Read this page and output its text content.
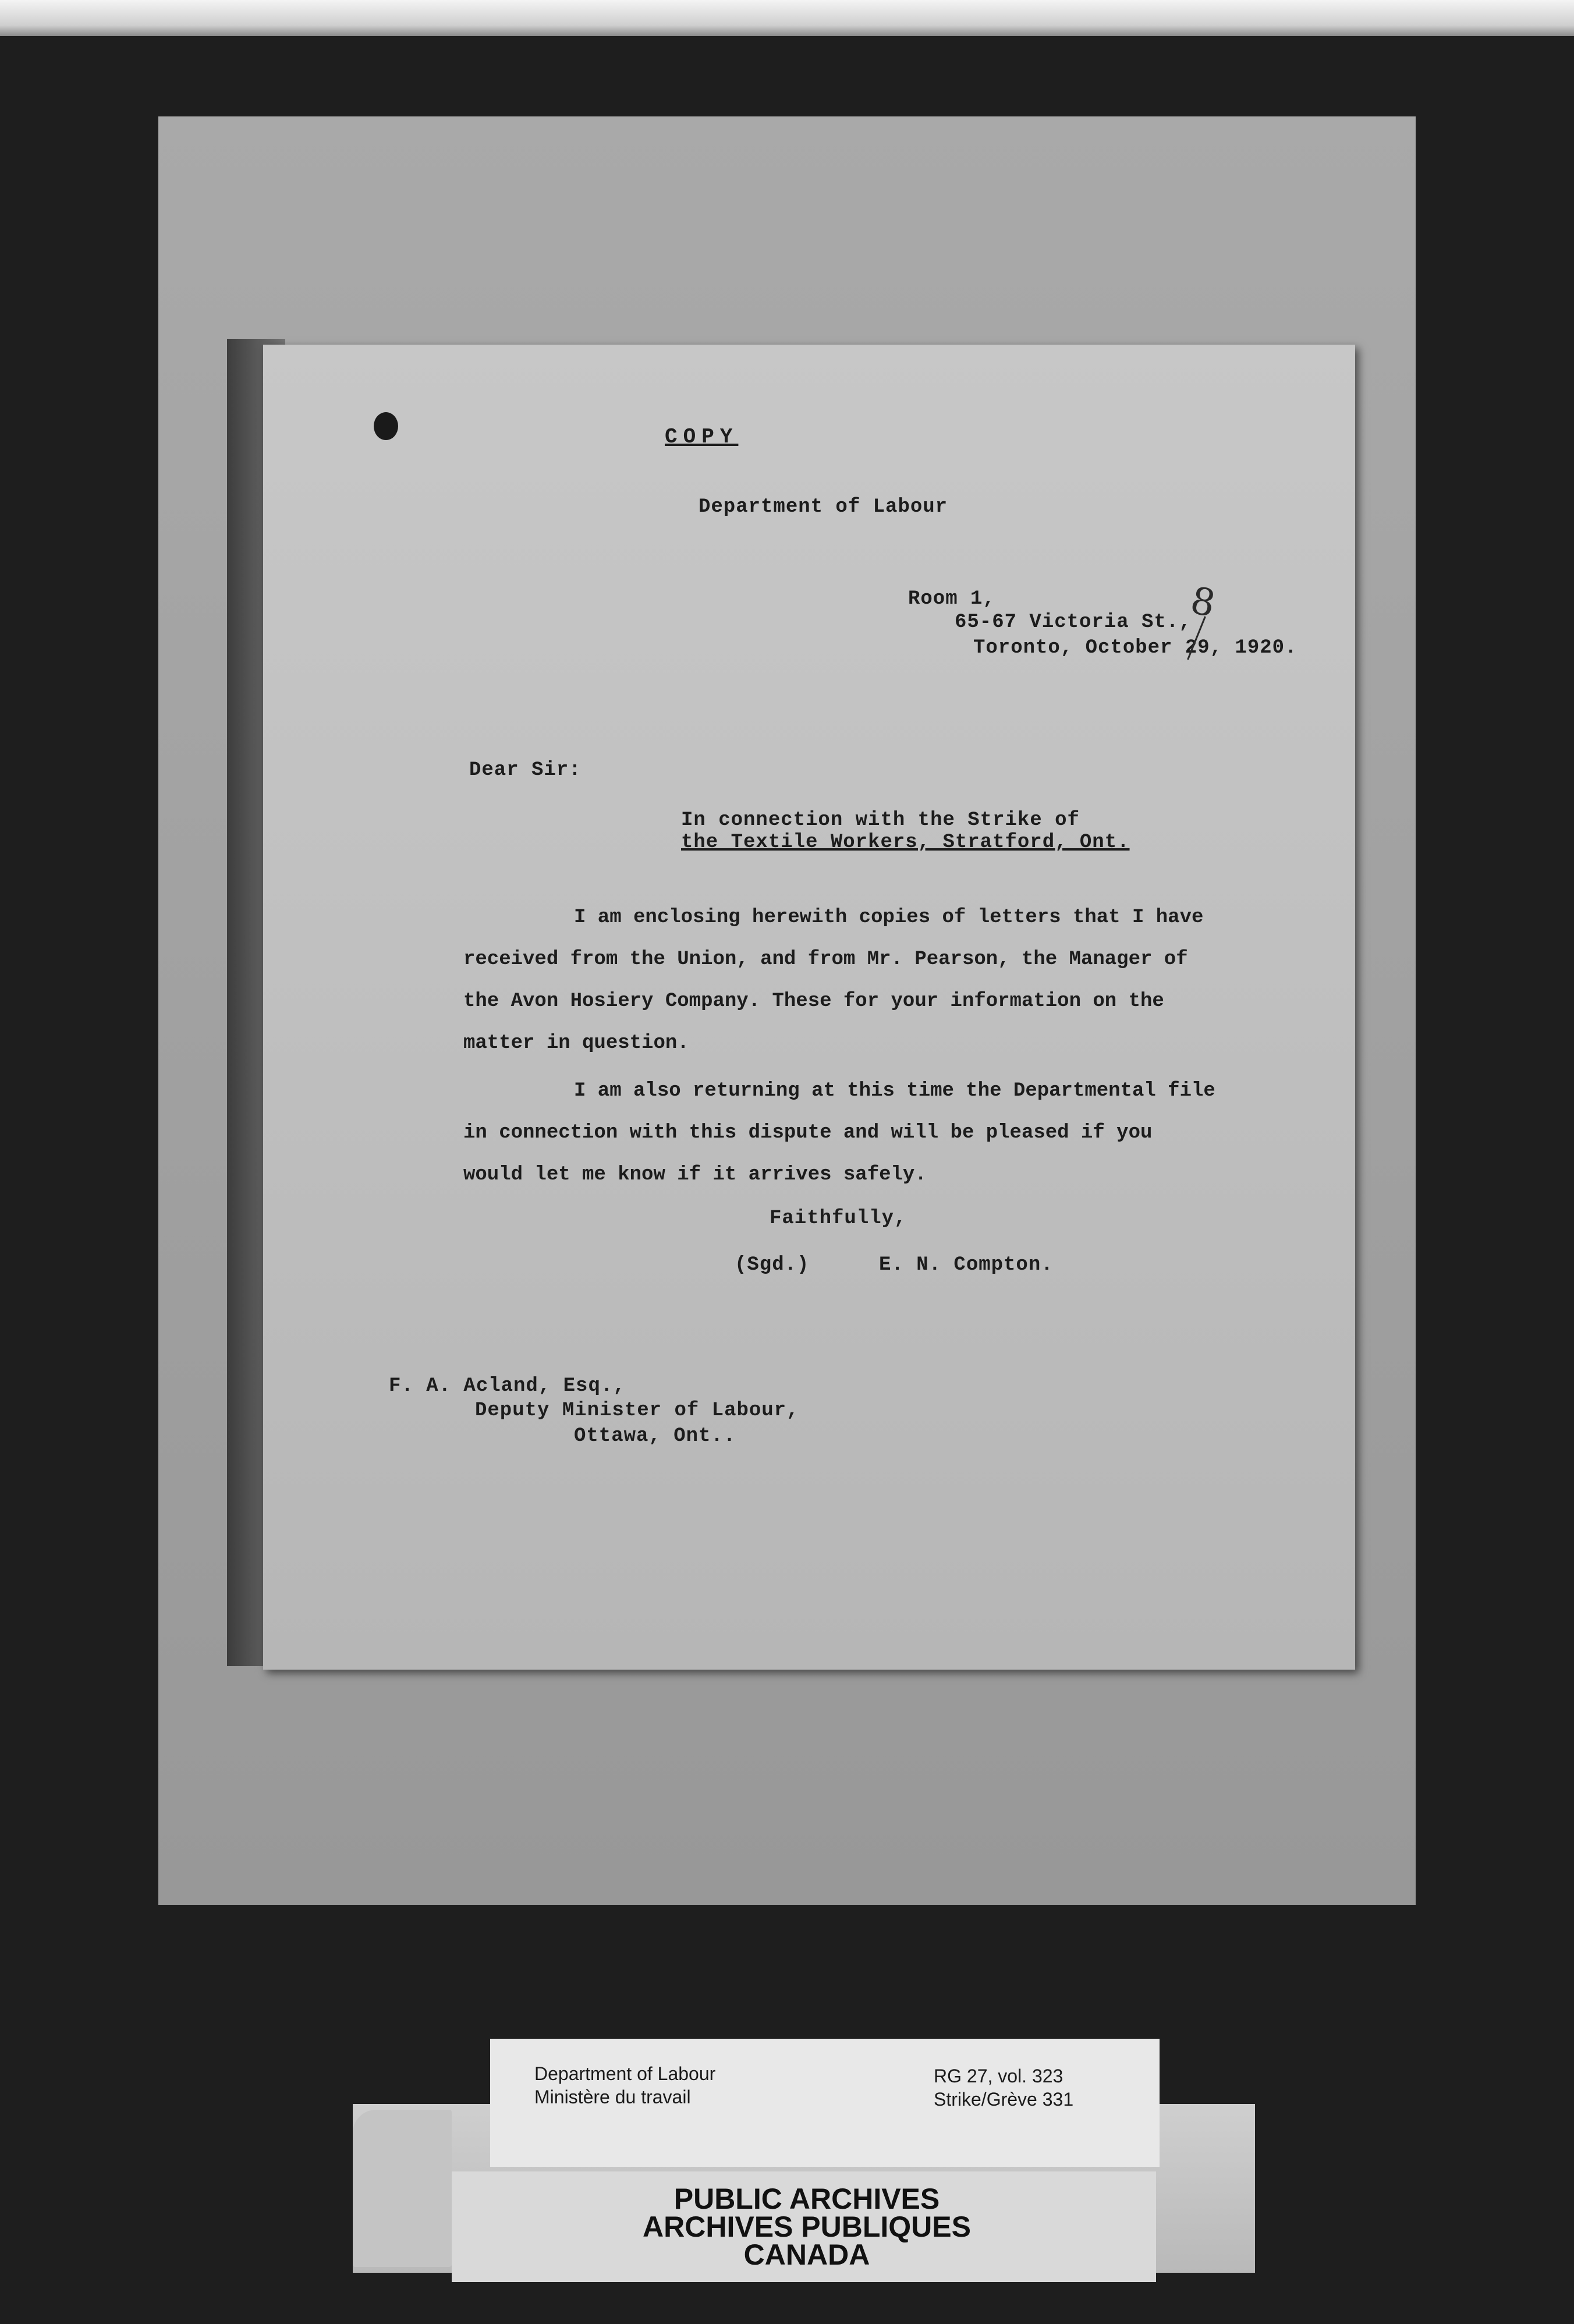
COPY
Department of Labour
Room 1,
65-67 Victoria St.,
Toronto, October 29, 1920.
8
Dear Sir:
In connection with the Strike of
the Textile Workers, Stratford, Ont.

I am enclosing herewith copies of letters that I have received from the Union, and from Mr. Pearson, the Manager of the Avon Hosiery Company. These for your information on the matter in question.

I am also returning at this time the Departmental file in connection with this dispute and will be pleased if you would let me know if it arrives safely.

Faithfully,
(Sgd.)	E. N. Compton.
F. A. Acland, Esq.,
Deputy Minister of Labour,
Ottawa, Ont..
Department of Labour
Ministère du travail
RG 27, vol. 323
Strike/Grève 331
PUBLIC ARCHIVES
ARCHIVES PUBLIQUES
CANADA
